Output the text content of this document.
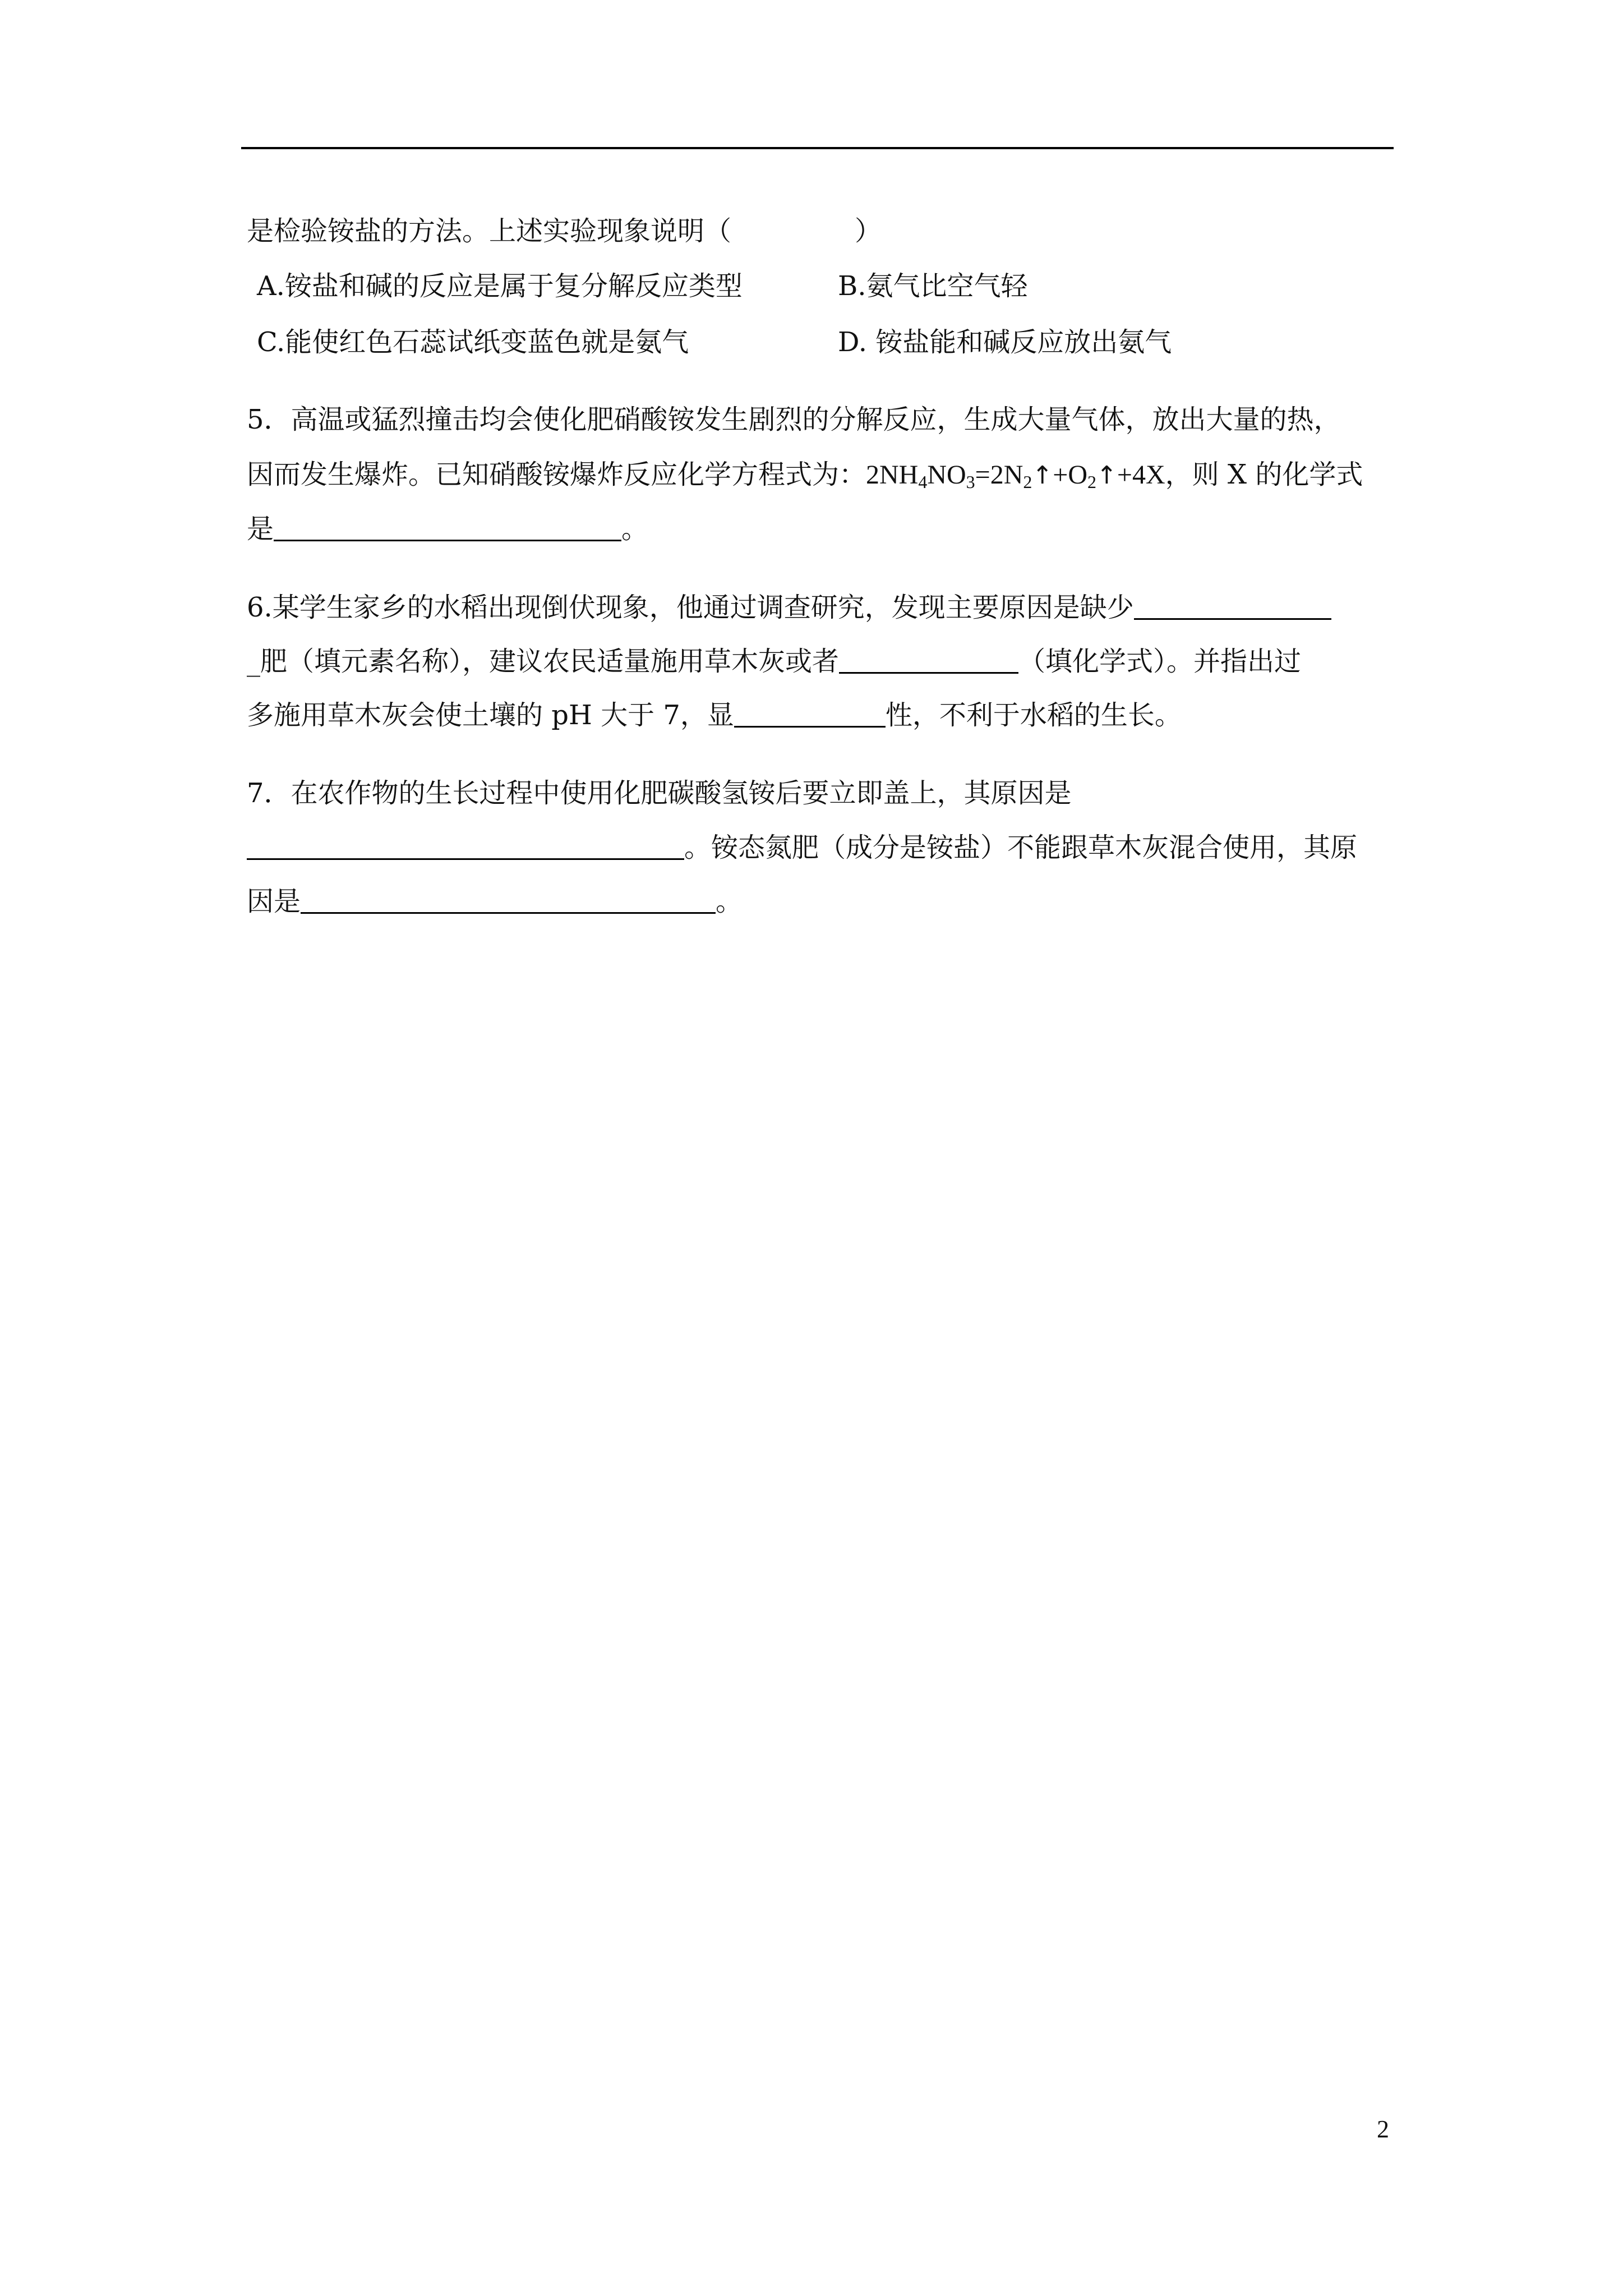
是检验铵盐的方法。上述实验现象说明（	）
A.铵盐和碱的反应是属于复分解反应类型	B.氨气比空气轻
C.能使红色石蕊试纸变蓝色就是氨气	D. 铵盐能和碱反应放出氨气
5．高温或猛烈撞击均会使化肥硝酸铵发生剧烈的分解反应，生成大量气体，放出大量的热，
因而发生爆炸。已知硝酸铵爆炸反应化学方程式为：$2NH_4NO_3=2N_2↑+O_2↑+4X$，则 X 的化学式
是	。
6.某学生家乡的水稻出现倒伏现象，他通过调查研究，发现主要原因是缺少
_肥（填元素名称），建议农民适量施用草木灰或者	（填化学式）。并指出过
多施用草木灰会使土壤的 pH 大于 7，显	性，不利于水稻的生长。
7．在农作物的生长过程中使用化肥碳酸氢铵后要立即盖上，其原因是
。铵态氮肥（成分是铵盐）不能跟草木灰混合使用，其原
因是	。
2
